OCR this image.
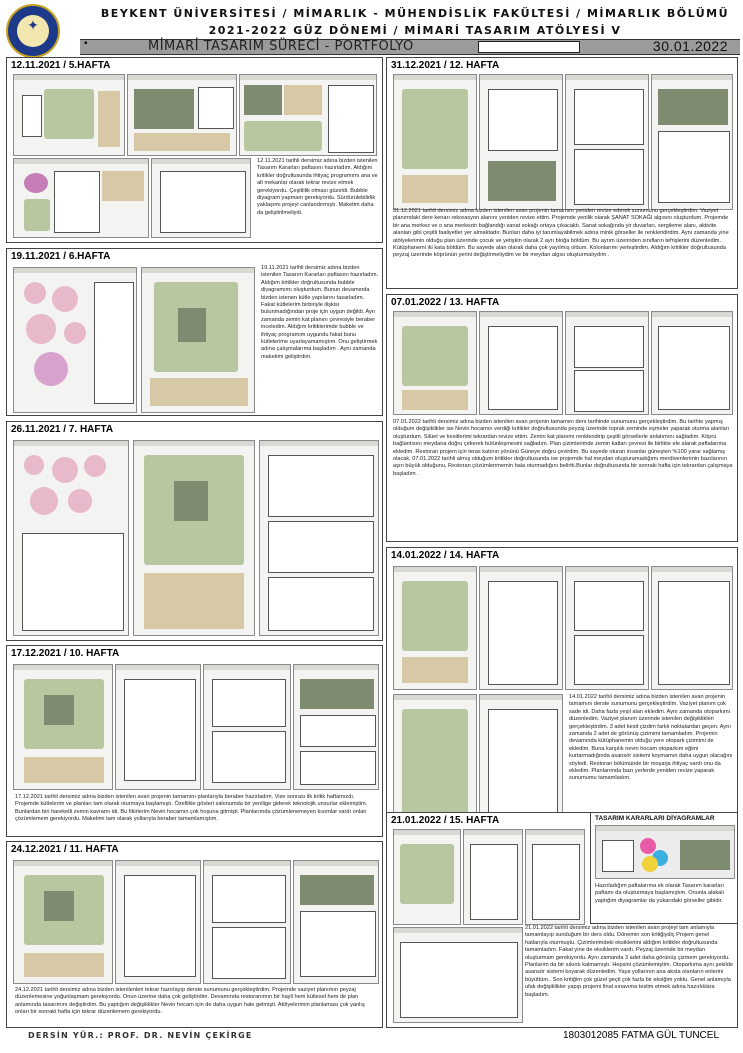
✦
BEYKENT ÜNİVERSİTESİ / MİMARLIK - MÜHENDİSLİK FAKÜLTESİ / MİMARLIK BÖLÜMÜ
2021-2022 GÜZ DÖNEMİ / MİMARİ TASARIM ATÖLYESİ V
MİMARİ TASARIM SÜRECİ - PORTFOLYO
▪	30.01.2022
12.11.2021 / 5.HAFTA
12.11.2021 tarihli dersimiz adına bizden istenilen Tasarım Kararları paftasını hazırladım. Aldığım kritikler doğrultusunda ihtiyaç programımı ana ve alt mekanlar olarak tekrar revize etmek gerekiyordu. Çeşitlilik olması güzeldi. Bubble diyagram yapmam gerekiyordu. Sürdürülebilirlik yaklaşımı projeyi canlandırmıştı. Maketim daha da geliştirilmeliydi.
19.11.2021 / 6.HAFTA
19.11.2021 tarihli dersimiz adına bizden istenilen Tasarım Kararları paftasını hazırladım. Aldığım kritikler doğrultusunda bubble diyagramımı oluşturdum. Bunun devamında bizden istenen kütle yapılarını tasarladım. Fakat kütlelerim birbiriyle ilişkisi bulunmadığından proje için uygun değildi. Ayrı zamanda zemin kat planını çevresiyle beraber inceledim. Aldığım kritiklerimde bubble ve ihtiyaç programım uygundu fakat bunu kütlelerime uyarlayamamıştım. Onu geliştirmek adına çalışmalarıma başladım . Aynı zamanda maketimi geliştirdim.
26.11.2021 / 7. HAFTA
17.12.2021 / 10. HAFTA
17.12.2021 tarihli dersimiz adına bizden istenilen avan projenin tamamını planlarıyla beraber hazırladım. Vize sonrası ilk kritik haftamızdı. Projemde kütlelerim ve planları tam olarak oturmaya başlamıştı. Özellikle gösteri salonumda bir yenilige giderek teknolojik unsurlar eklemiştim. Bunlardan biri hareketli zemin kavramı idi. Bu fikirlerim Nevin hocamın çok hoşuna gitmişti. Planlarımda çözümlenemeyen kısımlar vardı onları çözümlemem gerekiyordu. Maketimi tam olarak yollarıyla beraber tamamlamıştım.
24.12.2021 / 11. HAFTA
24.12.2021 tarihli dersimiz adına bizden istenilenleri tekrar hazırlayıp derste sunumunu gerçekleştirdim. Projemde vaziyet planımın peyzaj düzenlemesine yoğunlaşmam gerekiyordu. Onun üzerine daha çok geliştirdim. Devamında restoranımın bir hayli hem kütlesel hem de plan anlamında tasarımını değiştirdim. Bu yaptığım değişiklikler Nevin hocam için de daha uygun hale gelmişti. Atölyelerimin planlaması çok yanlış onları bir sonraki hafta için tekrar düzenlemem gerekiyordu.
31.12.2021 / 12. HAFTA
31.12.2021 tarihli dersimiz adına bizden istenilen avan projenin tamamını yeniden revize ederek sunumunu gerçekleştirdim. Vaziyet planımdaki dere kenarı rekreasyon alanını yeniden revize ettim. Projemde yenilik olarak ŞANAT SOKAĞI algısını oluşturdum. Projemde bir ana merkez ve o ana merkezin bağlandığı sanat sokağı ortaya çıkacaktı. Sanat sokağında yir duvarları, sergileme alanı, aktivite alanları gibi çeşitli faaliyetler yer almaktadır. Bunları daha iyi tanımlayabilmek adına minik görseller ile renklendirdim. Aynı zamanda yine atölyelerimin olduğu plan üzerinde çocuk ve yetişkin olarak 2 ayrı bloğa böldüm. Bu ayrım üzerinden sınıfların tefrişlerini düzenledim. Kütüphanemi iki kata böldüm. Bu sayede alan olarak daha çok yayılmış oldum. Kolonlarımı yerleştirdim. Aldığım kritikler doğrultusunda peyzaj üzerinde köprünün yerini değiştirmeliydim ve bir meydan algısı oluşturmalıydım .
07.01.2022 / 13. HAFTA
07.01.2022 tarihli dersimiz adına bizden istenilen avan projenin tamamını ders tarihinde sunumunu gerçekleştirdim. Bu tarihte yapmış olduğum değişiklikler ise Nevin hocamın verdiği kritikler doğrultusunda peyzaj üzerinde toprak zeminde eşmeler yaparak oturma alanları oluşturdum. Silüet ve kesitlerimi tekrardan revize ettim. Zemin kat planımı renklendirip çeşitli görsellerle anlatımını sağladım. Köprü bağlantısını meydana doğru çekerek bütünleşmesini sağladım. Plan çizimlerimde zemin katları çevresi ile birlikte ele alarak paftalarıma ekledim. Restoran projem için teras katının yönünü Güneye doğru çevirdim. Bu sayede oturan insanlar güneşten %100 yarar sağlamış olacak. 07.01.2022 tarihli almış olduğum kritikler doğrultusunda ise projemde hal meydan oluşturamadığımı merdivenlerimin bazılarının aşırı büyük olduğunu, Restoran çözümlenmemin hala oturmadığını belirtti.Bunlar doğrultusunda bir sonraki hafta için tekrardan çalışmaya başladım .
14.01.2022 / 14. HAFTA
14.01.2022 tarihli dersimiz adına bizden istenilen avan projenin tamamını derste sunumunu gerçekleştirdim. Vaziyet planım çok sade idi. Daha fazla yeşil alan ekledim. Aynı zamanda otoparkımı düzenledim. Vaziyet planım üzerinde istenilen değişiklikleri gerçekleştirdim. 3 adet kesit çizdim farklı noktalardan geçen. Aynı zamanda 2 adet de görünüş çizimimi tamamladım. Projemin devamında kütüphanemin olduğu yere otopark çizimimi de ekledim. Buna karşılık nevin hocam otoparkım eğimi kurtarmadığında asansör sistemi koymamın daha uygun olacağını söyledi. Restoran bölümünde bir moşarja ihtiyaç vardı onu da ekledim. Planlarımda bazı yerlerde yeniden revize yaparak sunumumu tamamladım.
21.01.2022 / 15. HAFTA
21.01.2022 tarihli dersimiz adına bizden istenilen avan projeyi tam anlamıyla tamamlayıp sunduğum bir ders oldu. Dönemin son kritiğiydiç Projem genel hatlarıyla oturmuştu. Çizimlerimdeki eksiklerimi aldığım kritikler doğrultusunda tamamladım. Fakat yine de eksiklerim vardı. Peyzaj üzerinde bir meydan oluşturmam gerekiyordu. Aynı zamanda 3 adet daha görünüş çizmem gerekiyordu. Planlarım da bir sıkıntı kalmamıştı. Hepsini çözümlemiştim. Otoparkıma aynı şekilde asansör sistemi koyarak düzenledim. Yaya yollarının ana aksta olanların enlerini büyüttüm.. Son kritiğim çok güzel geçti çok fazla bir eksiğim yoktu. Genel anlamıyla ufak değişiklikler yapıp projemi final sınavıma teslim etmek adına hazırlıklara başladım.
TASARIM KARARLARI DİYAGRAMLAR
Hazırladığım paftalarıma ek olarak Tasarım kararları paftamı da oluşturmaya başlamıştım. Onunla alakalı yaptığım diyagramlar da yukarıdaki görseller gibidir.
DERSİN YÜR.: PROF. DR. NEVİN ÇEKİRGE	1803012085 FATMA GÜL TUNCEL
